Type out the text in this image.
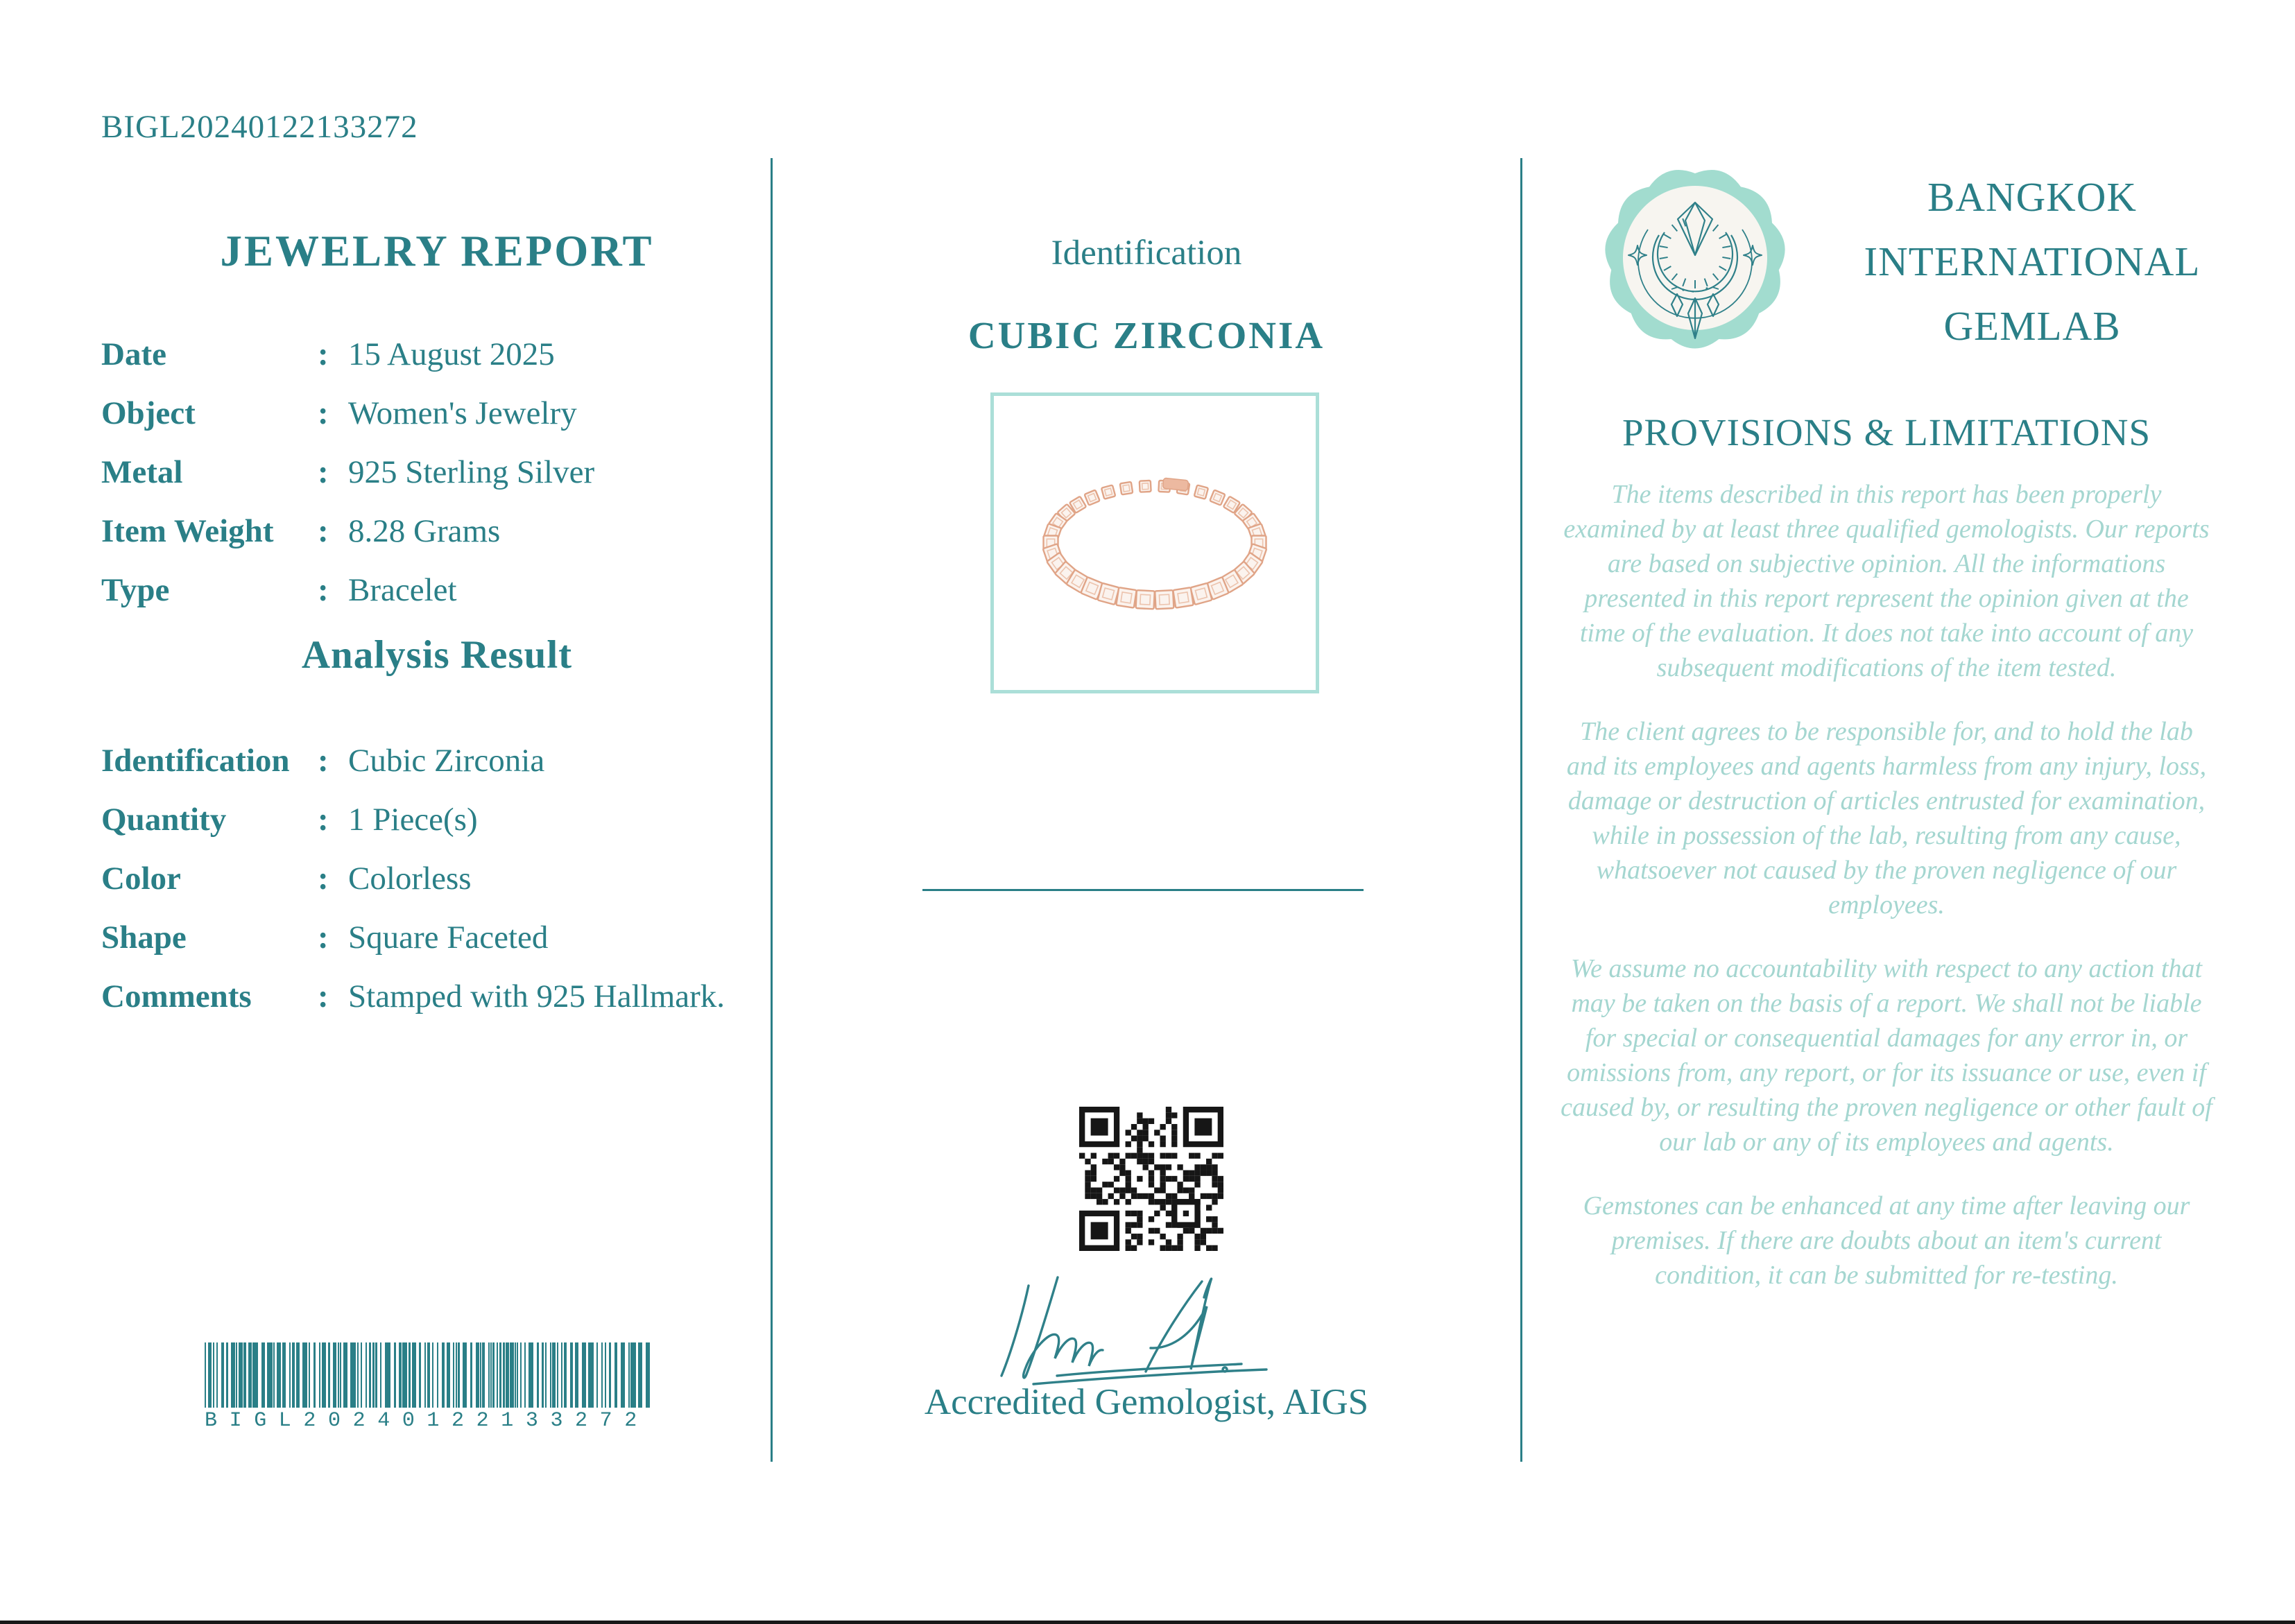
BIGL20240122133272
JEWELRY REPORT
Date	: 15 August 2025
Object	: Women's Jewelry
Metal	: 925 Sterling Silver
Item Weight	: 8.28 Grams
Type	: Bracelet
Analysis Result
Identification : Cubic Zirconia
Quantity	: 1 Piece(s)
Color	: Colorless
Shape	: Square Faceted
Comments	: Stamped with 925 Hallmark.
BIGL20240122133272
Identification
CUBIC ZIRCONIA
Accredited Gemologist, AIGS
BANGKOK
INTERNATIONAL
GEMLAB
PROVISIONS & LIMITATIONS

The items described in this report has been properly examined by at least three qualified gemologists. Our reports are based on subjective opinion. All the informations presented in this report represent the opinion given at the time of the evaluation. It does not take into account of any subsequent modifications of the item tested.

The client agrees to be responsible for, and to hold the lab and its employees and agents harmless from any injury, loss, damage or destruction of articles entrusted for examination, while in possession of the lab, resulting from any cause, whatsoever not caused by the proven negligence of our employees.

We assume no accountability with respect to any action that may be taken on the basis of a report. We shall not be liable for special or consequential damages for any error in, or omissions from, any report, or for its issuance or use, even if caused by, or resulting the proven negligence or other fault of our lab or any of its employees and agents.

Gemstones can be enhanced at any time after leaving our premises. If there are doubts about an item's current condition, it can be submitted for re-testing.
